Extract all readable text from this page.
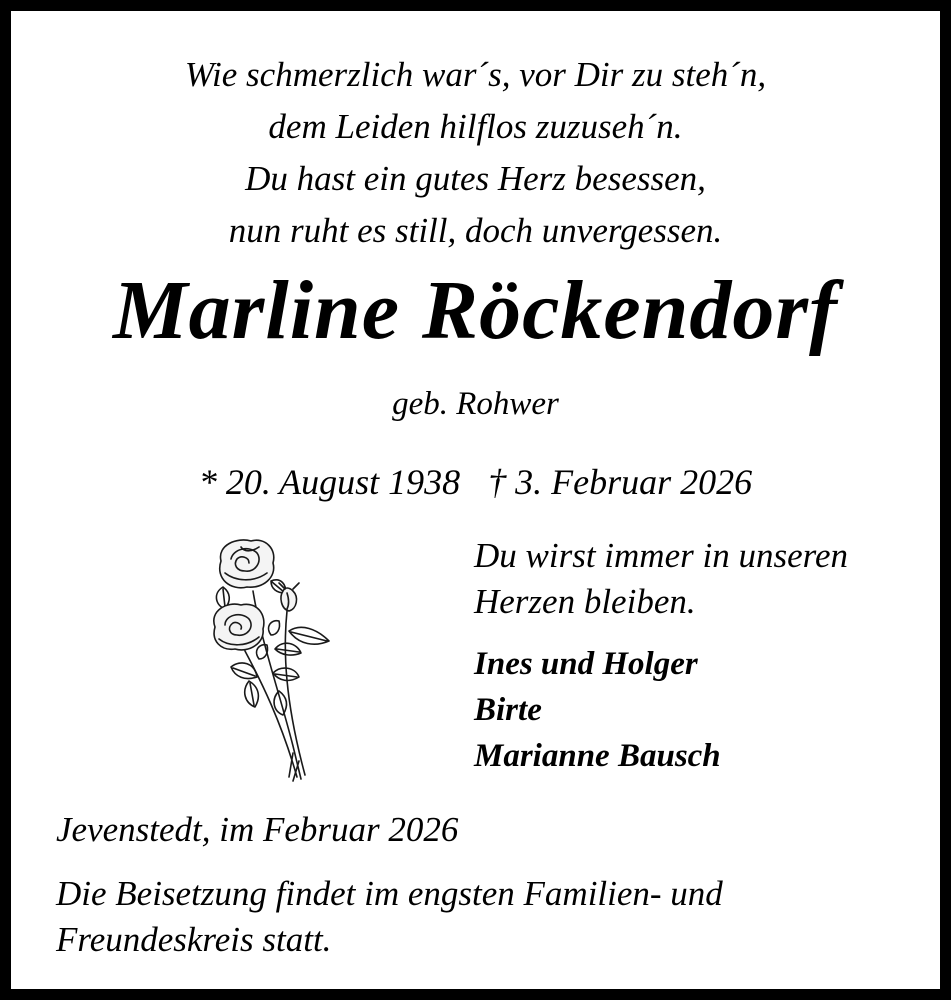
Wie schmerzlich war´s, vor Dir zu steh´n,
dem Leiden hilflos zuzuseh´n.
Du hast ein gutes Herz besessen,
nun ruht es still, doch unvergessen.
Marline Röckendorf
geb. Rohwer
* 20. August 1938 † 3. Februar 2026
Du wirst immer in unseren
Herzen bleiben.
Ines und Holger
Birte
Marianne Bausch
Jevenstedt, im Februar 2026
Die Beisetzung findet im engsten Familien- und
Freundeskreis statt.
